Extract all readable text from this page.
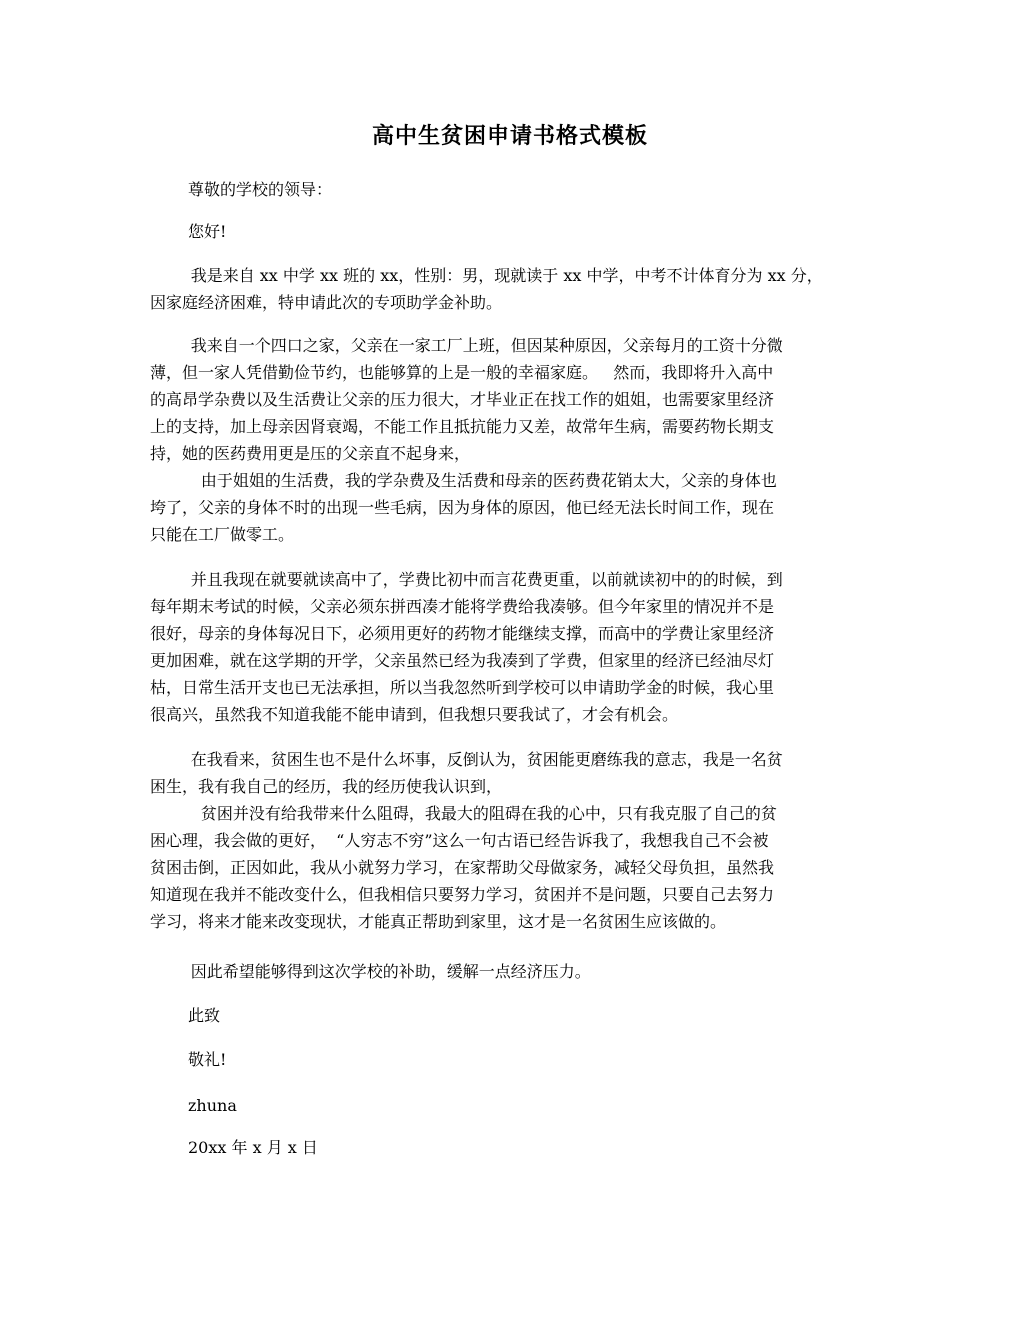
高中生贫困申请书格式模板

尊敬的学校的领导：

您好!

我是来自 xx 中学 xx 班的 xx，性别：男，现就读于 xx 中学，中考不计体育分为 xx 分，
因家庭经济困难，特申请此次的专项助学金补助。

我来自一个四口之家，父亲在一家工厂上班，但因某种原因，父亲每月的工资十分微
薄，但一家人凭借勤俭节约，也能够算的上是一般的幸福家庭。   然而，我即将升入高中
的高昂学杂费以及生活费让父亲的压力很大，才毕业正在找工作的姐姐，也需要家里经济
上的支持，加上母亲因肾衰竭，不能工作且抵抗能力又差，故常年生病，需要药物长期支
持，她的医药费用更是压的父亲直不起身来，
由于姐姐的生活费，我的学杂费及生活费和母亲的医药费花销太大，父亲的身体也
垮了，父亲的身体不时的出现一些毛病，因为身体的原因，他已经无法长时间工作，现在
只能在工厂做零工。

并且我现在就要就读高中了，学费比初中而言花费更重，以前就读初中的的时候，到
每年期末考试的时候，父亲必须东拼西凑才能将学费给我凑够。但今年家里的情况并不是
很好，母亲的身体每况日下，必须用更好的药物才能继续支撑，而高中的学费让家里经济
更加困难，就在这学期的开学，父亲虽然已经为我凑到了学费，但家里的经济已经油尽灯
枯，日常生活开支也已无法承担，所以当我忽然听到学校可以申请助学金的时候，我心里
很高兴，虽然我不知道我能不能申请到，但我想只要我试了，才会有机会。

在我看来，贫困生也不是什么坏事，反倒认为，贫困能更磨练我的意志，我是一名贫
困生，我有我自己的经历，我的经历使我认识到，
贫困并没有给我带来什么阻碍，我最大的阻碍在我的心中，只有我克服了自己的贫
困心理，我会做的更好，  “人穷志不穷”这么一句古语已经告诉我了，我想我自己不会被
贫困击倒，正因如此，我从小就努力学习，在家帮助父母做家务，减轻父母负担，虽然我
知道现在我并不能改变什么，但我相信只要努力学习，贫困并不是问题，只要自己去努力
学习，将来才能来改变现状，才能真正帮助到家里，这才是一名贫困生应该做的。

因此希望能够得到这次学校的补助，缓解一点经济压力。

此致

敬礼!

zhuna

20xx 年 x 月 x 日
